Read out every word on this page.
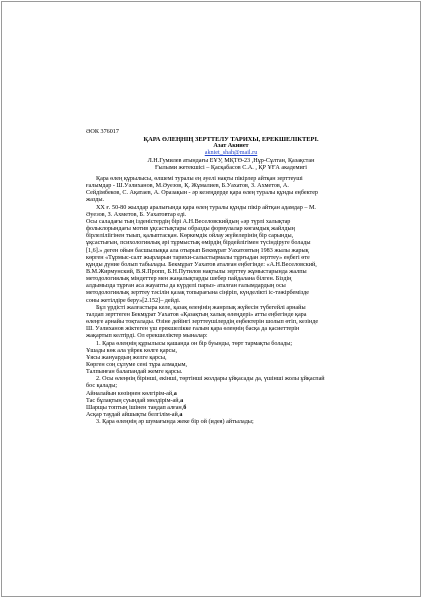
ӘОК 376017
ҚАРА ӨЛЕҢНІҢ ЗЕРТТЕЛУ ТАРИХЫ, ЕРЕКШЕЛІКТЕРІ.
Азат Акииет
akniet_shah@mail.ru
Л.Н.Гумилев атындағы ЕҰУ, МҚТӨ-23 ,Нұр-Сұлтан, Қазақстан
Ғылыми жетекшісі – Қасқабасов С.А. , ҚР ҰҒА академигі
Қара өлең құрылысы, өлшемі туралы ең әуелі нақты пікірлер айтқан зерттеуші
ғалымдар - Ш.Уәлиханов, М.Әуезов, Қ. Жұмалиев, Б.Уахатов, З. Ахметов, А.
Сейдімбеков, С. Ақатаев, А. Оразақын - әр кезеңдерде қара өлең туралы құнды еңбектер
жазды.
XX ғ. 50-80 жылдар аралығында қара өлең туралы құнды пікір айтқан адамдар – М.
Әуезов, З. Ахметов, Б. Уахатовтар еді.
Осы саладағы тың ізденістердің бірі А.Н.Веселовскийдың «әр түрлі халықтар
фольклорындағы мотив ұқсастықтары образды формулалар көгамдық жайлдың
бірлеліліігінен тыып, қалыптасқан. Көркемдік ойлау жүйелерінің бір сарынды,
ұқсастығын, психологиялық әрі тұрмыстық өмірдің бірдейлігімен түсіндіруге болады
[1,6].» деген ойын басшылыққа ала отырып Бекмұрат Уахатовтың 1983 жылы жарық
көрген «Тұрмыс-салт жырларын тарихи-салыстырмалы тұрғыдан зерттеу» еңбегі өте
құнды дүние болып табылады. Бекмұрат Уахатов аталған еңбегінде: «А.Н.Веселовский,
В.М.Жирмунский, В.Я.Пропп, Б.Н.Путилов нақтылы зерттеу жұмыстарында жалпы
методологиялық міндеттер мен жаңалықтарды шебер пайдалана білген. Біздің
алдымызда тұрған аса жауапты да күрделі парыз- аталған ғалымдардың осы
методологиялық зерттеу тәсілін қазақ топырағына сіңіріп, күнделікті іс-тәжірбемізде
соны жетілдіре беру»[2.152]– дейді.
Бұл үрдісті жалғастыра келе, қазақ өлеңінің жанрлық жүйесін түбегейлі арнайы
талдап зерттеген Бекмұрат Уахатов «Қазақтың халық өлеңдері» атты еңбегінде қара
өлеңге арнайы тоқталады. Өзіне дейінгі зерттеушілердің еңбектерін шолып өтіп, кезінде
Ш. Уәлиханов жіктеген үш ерекшелікке ғалым қара өлеңнің басқа да қасиеттерін
жақартып келтірді. Ол ерекшеліктер мыналар:
1. Қара өлеңнің құрылысы қашанда он бір буынды, төрт тармақты болады;
Ұшады көк ала үйрек көлге қарсы,
Ұясы жануардың желге қарсы,
Көрген соң сұлуме сені тұра алмадым,
Талпынған балапандай жемге қарсы.
2. Осы өлеңнің бірінші, екінші, төртінші жолдары ұйқасады да, үшінші жолы ұйқаспай
бос қалады;
Айналайын көзіңнен көлгірім-ай,а
Тас бұлақтың суындай мөлдірім-ай,а
Шарщы топтың ішінен таңдап алған,б
Асқар таудай айшықты белгілім-ай,а
3. Қара өлеңнің әр шумағында жеке бір ой (идея) айтылады;
